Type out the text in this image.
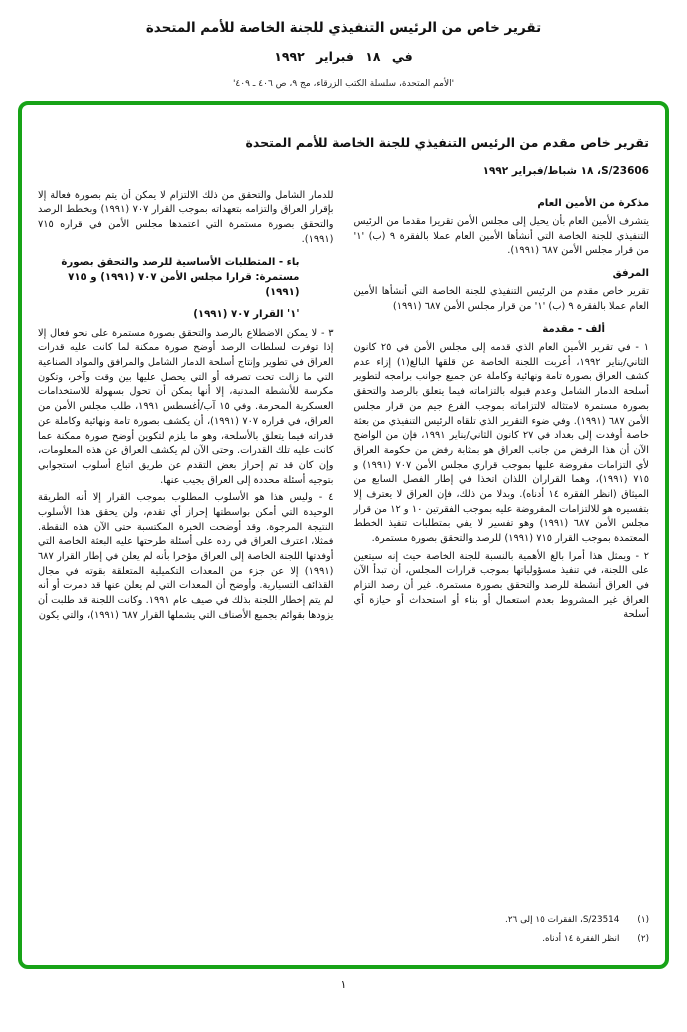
تقرير خاص من الرئيس التنفيذي للجنة الخاصة للأمم المتحدة
في ١٨ فبراير ١٩٩٢
'الأمم المتحدة، سلسلة الكتب الزرقاء، مج ٩، ص ٤٠٦ ـ ٤٠٩'
تقرير خاص مقدم من الرئيس التنفيذي للجنة الخاصة للأمم المتحدة
S/23606، ١٨ شباط/فبراير ١٩٩٢
مذكرة من الأمين العام

يتشرف الأمين العام بأن يحيل إلى مجلس الأمن تقريرا مقدما من الرئيس التنفيذي للجنة الخاصة التي أنشأها الأمين العام عملا بالفقرة ٩ (ب) '١' من قرار مجلس الأمن ٦٨٧ (١٩٩١).

المرفق

تقرير خاص مقدم من الرئيس التنفيذي للجنة الخاصة التي أنشأها الأمين العام عملا بالفقرة ٩ (ب) '١' من قرار مجلس الأمن ٦٨٧ (١٩٩١)

ألف - مقدمة

١ - في تقرير الأمين العام الذي قدمه إلى مجلس الأمن في ٢٥ كانون الثاني/يناير ١٩٩٢، أعربت اللجنة الخاصة عن قلقها البالغ(١) إزاء عدم كشف العراق بصورة تامة ونهائية وكاملة عن جميع جوانب برامجه لتطوير أسلحة الدمار الشامل وعدم قبوله بالتزاماته فيما يتعلق بالرصد والتحقق بصورة مستمرة لامتثاله لالتزاماته بموجب الفرع جيم من قرار مجلس الأمن ٦٨٧ (١٩٩١). وفي ضوء التقرير الذي تلقاه الرئيس التنفيذي من بعثة خاصة أوفدت إلى بغداد في ٢٧ كانون الثاني/يناير ١٩٩١، فإن من الواضح الآن أن هذا الرفض من جانب العراق هو بمثابة رفض من حكومة العراق لأي التزامات مفروضة عليها بموجب قراري مجلس الأمن ٧٠٧ (١٩٩١) و ٧١٥ (١٩٩١)، وهما القراران اللذان اتخذا في إطار الفصل السابع من الميثاق (انظر الفقرة ١٤ أدناه). وبدلا من ذلك، فإن العراق لا يعترف إلا بتفسيره هو للالتزامات المفروضة عليه بموجب الفقرتين ١٠ و ١٢ من قرار مجلس الأمن ٦٨٧ (١٩٩١) وهو تفسير لا يفي بمتطلبات تنفيذ الخطط المعتمدة بموجب القرار ٧١٥ (١٩٩١) للرصد والتحقق بصورة مستمرة.

٢ - ويمثل هذا أمرا بالغ الأهمية بالنسبة للجنة الخاصة حيث إنه سيتعين على اللجنة، في تنفيذ مسؤولياتها بموجب قرارات المجلس، أن تبدأ الآن في العراق أنشطة للرصد والتحقق بصورة مستمرة. غير أن رصد التزام العراق غير المشروط بعدم استعمال أو بناء أو استحداث أو حيازة أي أسلحة

للدمار الشامل والتحقق من ذلك الالتزام لا يمكن أن يتم بصورة فعالة إلا بإقرار العراق والتزامه بتعهداته بموجب القرار ٧٠٧ (١٩٩١) وبخطط الرصد والتحقق بصورة مستمرة التي اعتمدها مجلس الأمن في قراره ٧١٥ (١٩٩١).

باء - المتطلبات الأساسية للرصد والتحقق بصورة مستمرة: قرارا مجلس الأمن ٧٠٧ (١٩٩١) و ٧١٥ (١٩٩١)
'١' القرار ٧٠٧ (١٩٩١)

٣ - لا يمكن الاضطلاع بالرصد والتحقق بصورة مستمرة على نحو فعال إلا إذا توفرت لسلطات الرصد أوضح صورة ممكنة لما كانت عليه قدرات العراق في تطوير وإنتاج أسلحة الدمار الشامل والمرافق والمواد الصناعية التي ما زالت تحت تصرفه أو التي يحصل عليها بين وقت وآخر، وتكون مكرسة للأنشطة المدنية، إلا أنها يمكن أن تحول بسهولة للاستخدامات العسكرية المحرمة. وفي ١٥ آب/أغسطس ١٩٩١، طلب مجلس الأمن من العراق، في قراره ٧٠٧ (١٩٩١)، أن يكشف بصورة تامة ونهائية وكاملة عن قدراته فيما يتعلق بالأسلحة، وهو ما يلزم لتكوين أوضح صورة ممكنة عما كانت عليه تلك القدرات. وحتى الآن لم يكشف العراق عن هذه المعلومات، وإن كان قد تم إحراز بعض التقدم عن طريق اتباع أسلوب استجوابي بتوجيه أسئلة محددة إلى العراق يجيب عنها.

٤ - وليس هذا هو الأسلوب المطلوب بموجب القرار إلا أنه الطريقة الوحيدة التي أمكن بواسطتها إحراز أي تقدم، ولن يحقق هذا الأسلوب النتيجة المرجوة. وقد أوضحت الخبرة المكتسبة حتى الآن هذه النقطة. فمثلا، اعترف العراق في رده على أسئلة طرحتها عليه البعثة الخاصة التي أوفدتها اللجنة الخاصة إلى العراق مؤخرا بأنه لم يعلن في إطار القرار ٦٨٧ (١٩٩١) إلا عن جزء من المعدات التكميلية المتعلقة بقوته في مجال القذائف التسيارية. وأوضح أن المعدات التي لم يعلن عنها قد دمرت أو أنه لم يتم إخطار اللجنة بذلك في صيف عام ١٩٩١. وكانت اللجنة قد طلبت أن يزودها بقوائم بجميع الأصناف التي يشملها القرار ٦٨٧ (١٩٩١)، والتي يكون

(١)
S/23514، الفقرات ١٥ إلى ٢٦.
(٢)
انظر الفقرة ١٤ أدناه.
١
